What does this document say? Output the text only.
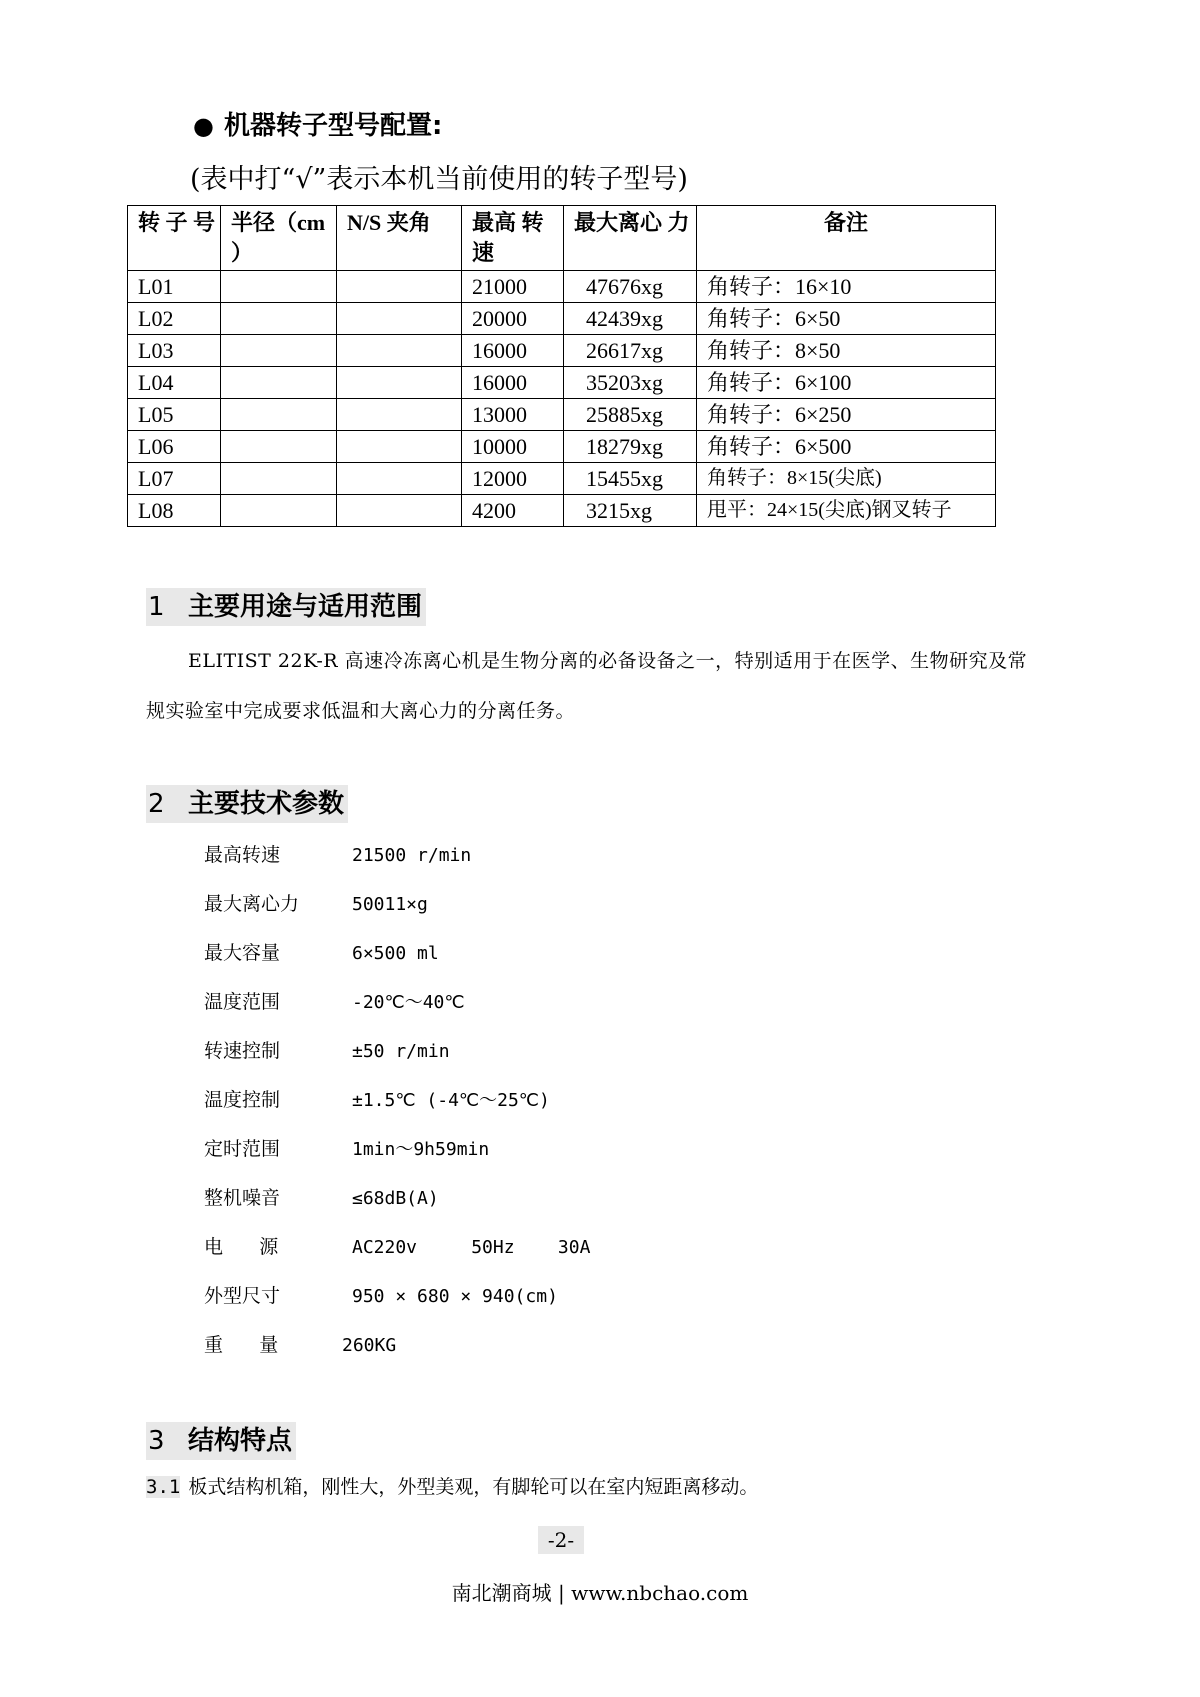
● 机器转子型号配置:
(表中打“√”表示本机当前使用的转子型号)
转 子 号	半径（cm ）	N/S 夹角	最高 转速	最大离心 力	备注
L01			21000	47676xg	角转子：16×10
L02			20000	42439xg	角转子：6×50
L03			16000	26617xg	角转子：8×50
L04			16000	35203xg	角转子：6×100
L05			13000	25885xg	角转子：6×250
L06			10000	18279xg	角转子：6×500
L07			12000	15455xg	角转子：8×15(尖底)
L08			4200	3215xg	甩平：24×15(尖底)钢叉转子
1 主要用途与适用范围
ELITIST 22K-R 高速冷冻离心机是生物分离的必备设备之一，特别适用于在医学、生物研究及常
规实验室中完成要求低温和大离心力的分离任务。
2 主要技术参数
最高转速	21500 r/min
最大离心力	50011×g
最大容量	6×500 ml
温度范围	-20℃～40℃
转速控制	±50 r/min
温度控制	±1.5℃ (-4℃～25℃)
定时范围	1min～9h59min
整机噪音	≤68dB(A)
电      源	AC220v     50Hz    30A
外型尺寸	950 × 680 × 940(cm)
重      量	260KG
3 结构特点
3.1 板式结构机箱，刚性大，外型美观，有脚轮可以在室内短距离移动。
-2-
南北潮商城 | www.nbchao.com
